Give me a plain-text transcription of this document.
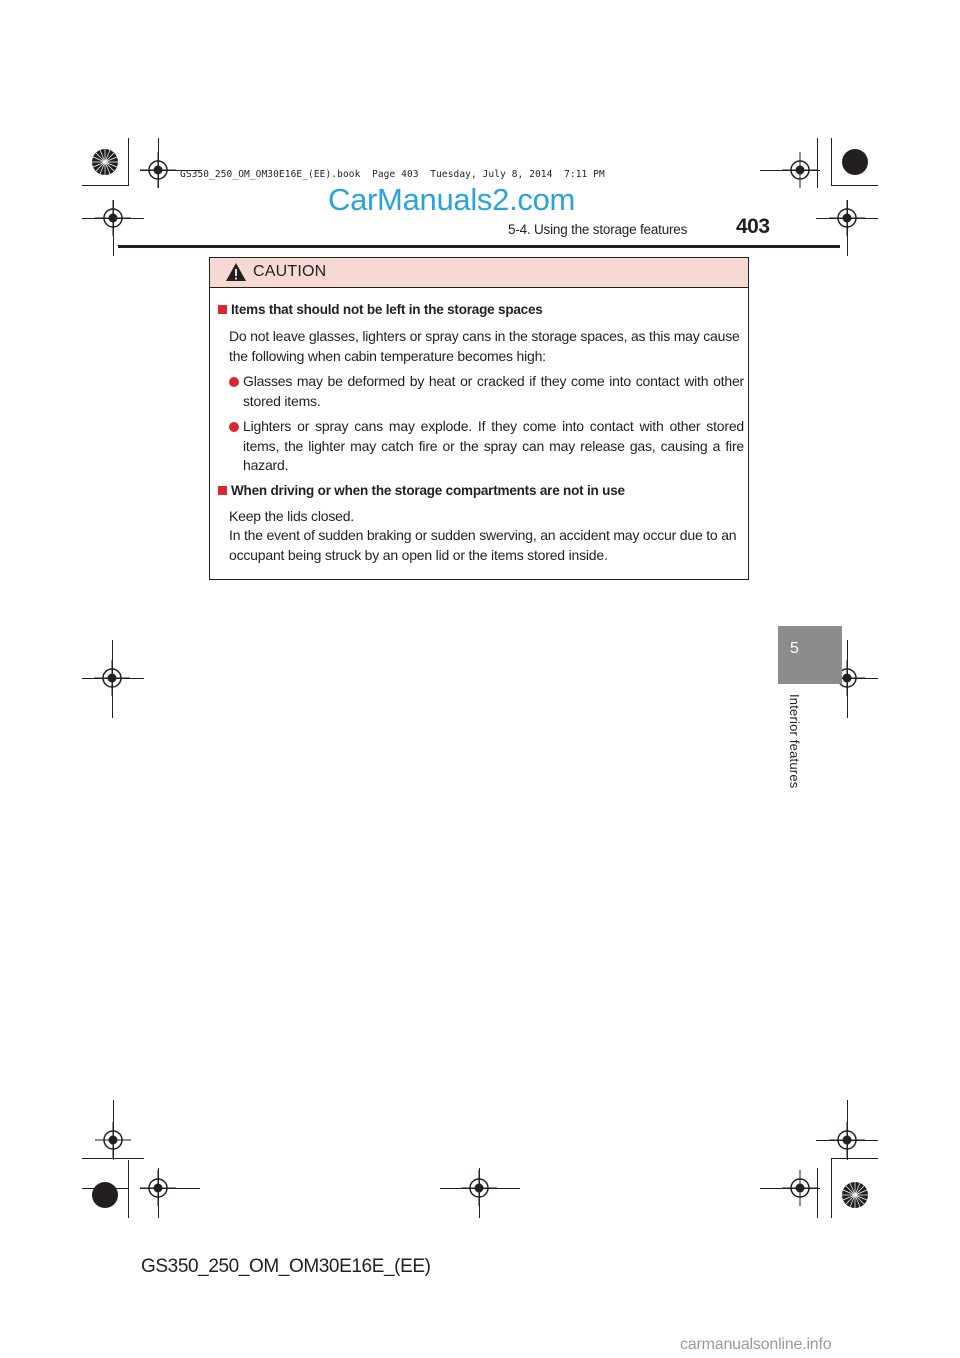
GS350_250_OM_OM30E16E_(EE).book  Page 403  Tuesday, July 8, 2014  7:11 PM
CarManuals2.com
5-4. Using the storage features 403
CAUTION
Items that should not be left in the storage spaces
Do not leave glasses, lighters or spray cans in the storage spaces, as this may cause the following when cabin temperature becomes high:
Glasses may be deformed by heat or cracked if they come into contact with other stored items.
Lighters or spray cans may explode. If they come into contact with other stored items, the lighter may catch fire or the spray can may release gas, causing a fire hazard.
When driving or when the storage compartments are not in use
Keep the lids closed.
In the event of sudden braking or sudden swerving, an accident may occur due to an occupant being struck by an open lid or the items stored inside.
5
Interior features
GS350_250_OM_OM30E16E_(EE)
carmanualsonline.info
